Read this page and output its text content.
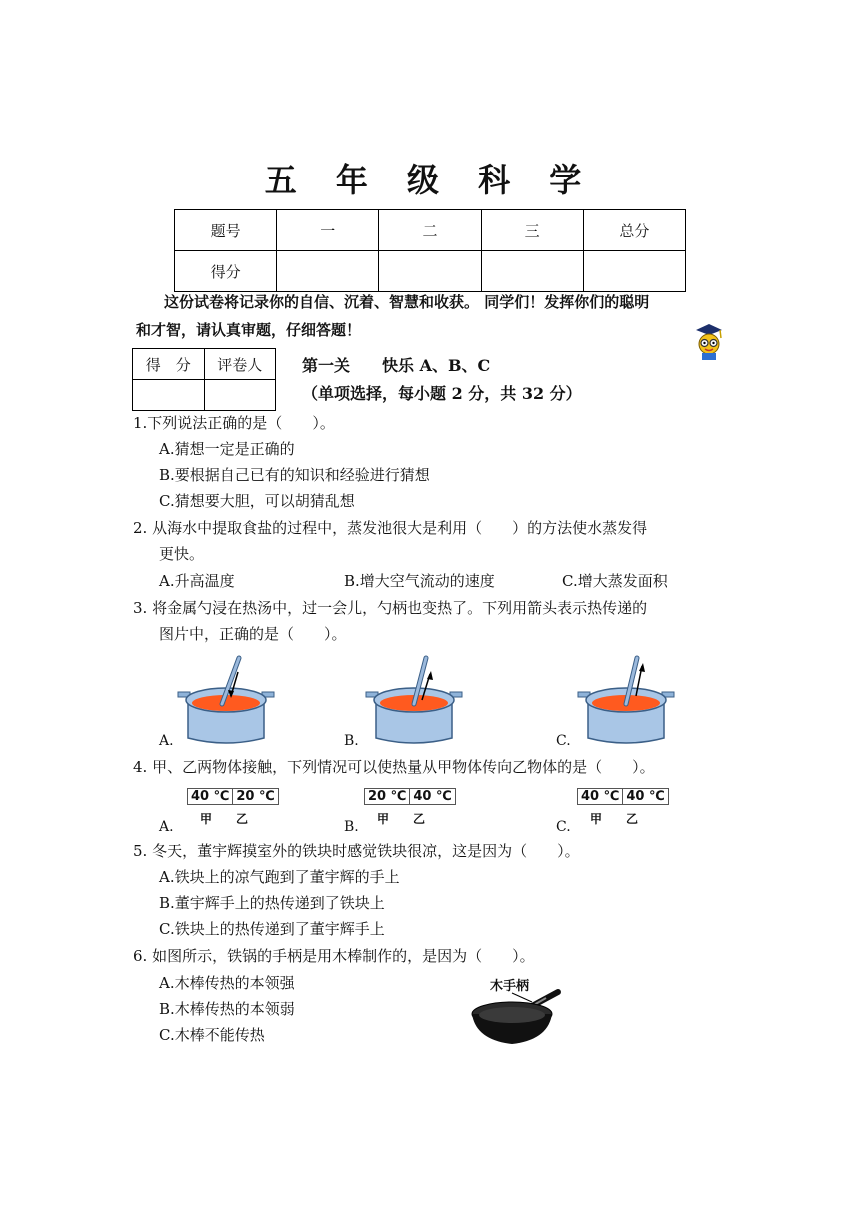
五 年 级 科 学
题号	一	二	三	总分
得分				
这份试卷将记录你的自信、沉着、智慧和收获。 同学们！发挥你们的聪明
和才智，请认真审题，仔细答题！
得　分	评卷人
	第一关　　快乐 A、B、C
（单项选择，每小题 2 分，共 32 分）
1.下列说法正确的是（　　）。
A.猜想一定是正确的
B.要根据自己已有的知识和经验进行猜想
C.猜想要大胆，可以胡猜乱想
2. 从海水中提取食盐的过程中，蒸发池很大是利用（　　）的方法使水蒸发得
更快。
A.升高温度	B.增大空气流动的速度	C.增大蒸发面积
3. 将金属勺浸在热汤中，过一会儿，勺柄也变热了。下列用箭头表示热传递的
图片中，正确的是（　　）。
A.	B.	C.
4. 甲、乙两物体接触，下列情况可以使热量从甲物体传向乙物体的是（　　）。
40 ℃ 20 ℃
甲 乙
A.
20 ℃ 40 ℃
甲 乙
B.
40 ℃ 40 ℃
甲 乙
C.
5. 冬天，董宇辉摸室外的铁块时感觉铁块很凉，这是因为（　　）。
A.铁块上的凉气跑到了董宇辉的手上
B.董宇辉手上的热传递到了铁块上
C.铁块上的热传递到了董宇辉手上
6. 如图所示，铁锅的手柄是用木棒制作的，是因为（　　）。
A.木棒传热的本领强
B.木棒传热的本领弱
C.木棒不能传热
木手柄
